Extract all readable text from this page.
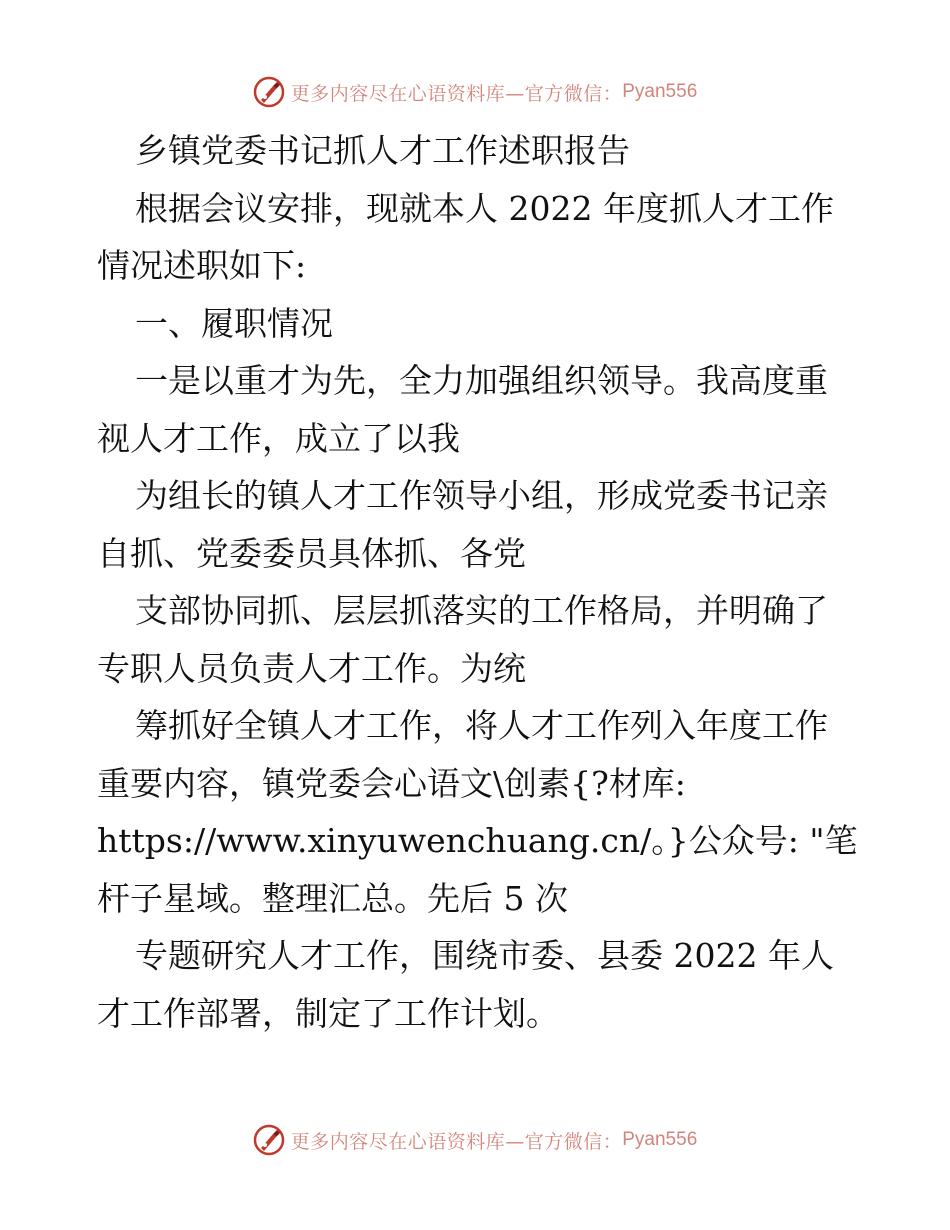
更多内容尽在心语资料库—官方微信： Pyan556

乡镇党委书记抓人才工作述职报告

根据会议安排，现就本人 2022 年度抓人才工作

情况述职如下:

一、履职情况

一是以重才为先，全力加强组织领导。我高度重

视人才工作，成立了以我

为组长的镇人才工作领导小组，形成党委书记亲

自抓、党委委员具体抓、各党

支部协同抓、层层抓落实的工作格局，并明确了

专职人员负责人才工作。为统

筹抓好全镇人才工作，将人才工作列入年度工作

重要内容，镇党委会心语文\创素{?材库:

https://www.xinyuwenchuang.cn/。}公众号: "笔

杆子星域。整理汇总。先后 5 次

专题研究人才工作，围绕市委、县委 2022 年人

才工作部署，制定了工作计划。

更多内容尽在心语资料库—官方微信： Pyan556
